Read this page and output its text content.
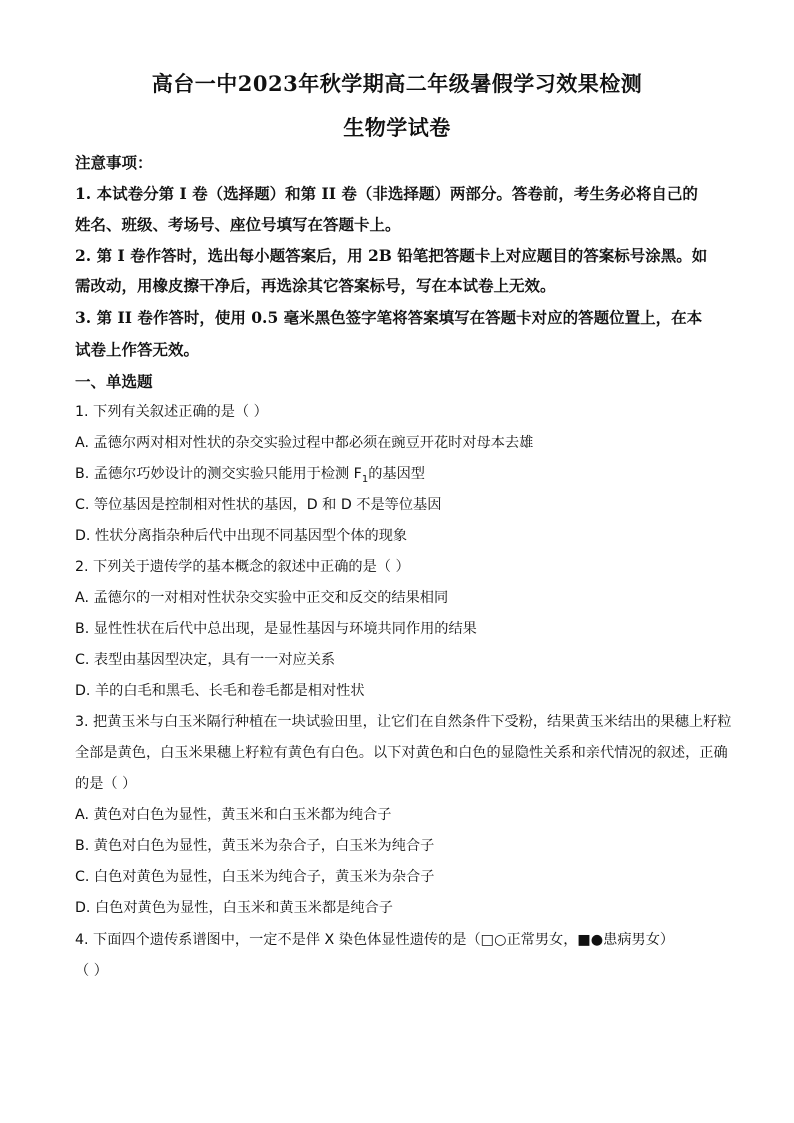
高台一中2023年秋学期高二年级暑假学习效果检测
生物学试卷
注意事项：
1. 本试卷分第 I 卷（选择题）和第 II 卷（非选择题）两部分。答卷前，考生务必将自己的
姓名、班级、考场号、座位号填写在答题卡上。
2. 第 I 卷作答时，选出每小题答案后，用 2B 铅笔把答题卡上对应题目的答案标号涂黑。如
需改动，用橡皮擦干净后，再选涂其它答案标号，写在本试卷上无效。
3. 第 II 卷作答时，使用 0.5 毫米黑色签字笔将答案填写在答题卡对应的答题位置上，在本
试卷上作答无效。
一、单选题
1. 下列有关叙述正确的是（ ）
A. 孟德尔两对相对性状的杂交实验过程中都必须在豌豆开花时对母本去雄
B. 孟德尔巧妙设计的测交实验只能用于检测 $F_1$的基因型
C. 等位基因是控制相对性状的基因，D 和 D 不是等位基因
D. 性状分离指杂种后代中出现不同基因型个体的现象
2. 下列关于遗传学的基本概念的叙述中正确的是（ ）
A. 孟德尔的一对相对性状杂交实验中正交和反交的结果相同
B. 显性性状在后代中总出现，是显性基因与环境共同作用的结果
C. 表型由基因型决定，具有一一对应关系
D. 羊的白毛和黑毛、长毛和卷毛都是相对性状
3. 把黄玉米与白玉米隔行种植在一块试验田里，让它们在自然条件下受粉，结果黄玉米结出的果穗上籽粒
全部是黄色，白玉米果穗上籽粒有黄色有白色。以下对黄色和白色的显隐性关系和亲代情况的叙述，正确
的是（ ）
A. 黄色对白色为显性，黄玉米和白玉米都为纯合子
B. 黄色对白色为显性，黄玉米为杂合子，白玉米为纯合子
C. 白色对黄色为显性，白玉米为纯合子，黄玉米为杂合子
D. 白色对黄色为显性，白玉米和黄玉米都是纯合子
4. 下面四个遗传系谱图中，一定不是伴 X 染色体显性遗传的是（□○正常男女，■●患病男女）
（ ）
